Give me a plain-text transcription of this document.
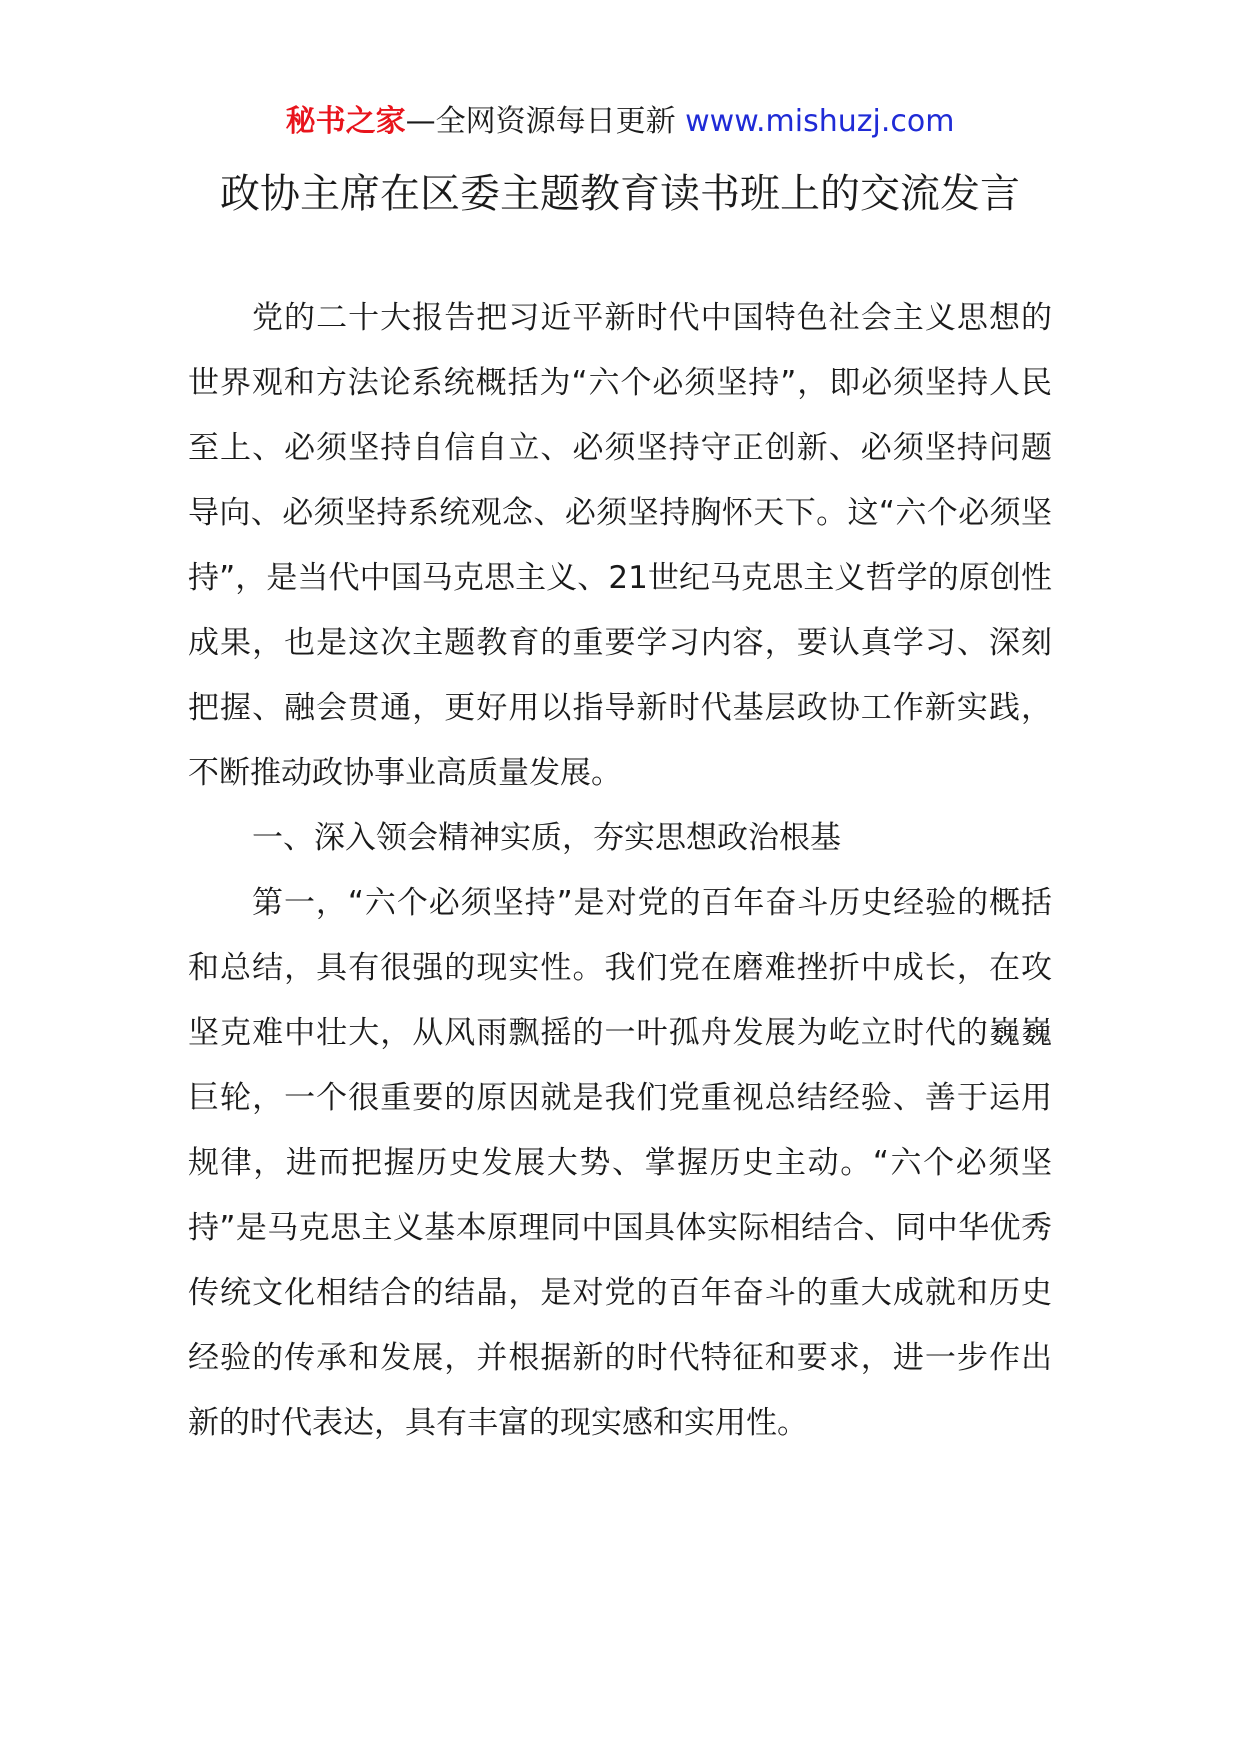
秘书之家—全网资源每日更新 www.mishuzj.com
政协主席在区委主题教育读书班上的交流发言

党的二十大报告把习近平新时代中国特色社会主义思想的世界观和方法论系统概括为“六个必须坚持”，即必须坚持人民至上、必须坚持自信自立、必须坚持守正创新、必须坚持问题导向、必须坚持系统观念、必须坚持胸怀天下。这“六个必须坚持”，是当代中国马克思主义、21世纪马克思主义哲学的原创性成果，也是这次主题教育的重要学习内容，要认真学习、深刻把握、融会贯通，更好用以指导新时代基层政协工作新实践，不断推动政协事业高质量发展。

一、深入领会精神实质，夯实思想政治根基

第一，“六个必须坚持”是对党的百年奋斗历史经验的概括和总结，具有很强的现实性。我们党在磨难挫折中成长，在攻坚克难中壮大，从风雨飘摇的一叶孤舟发展为屹立时代的巍巍巨轮，一个很重要的原因就是我们党重视总结经验、善于运用规律，进而把握历史发展大势、掌握历史主动。“六个必须坚持”是马克思主义基本原理同中国具体实际相结合、同中华优秀传统文化相结合的结晶，是对党的百年奋斗的重大成就和历史经验的传承和发展，并根据新的时代特征和要求，进一步作出新的时代表达，具有丰富的现实感和实用性。
